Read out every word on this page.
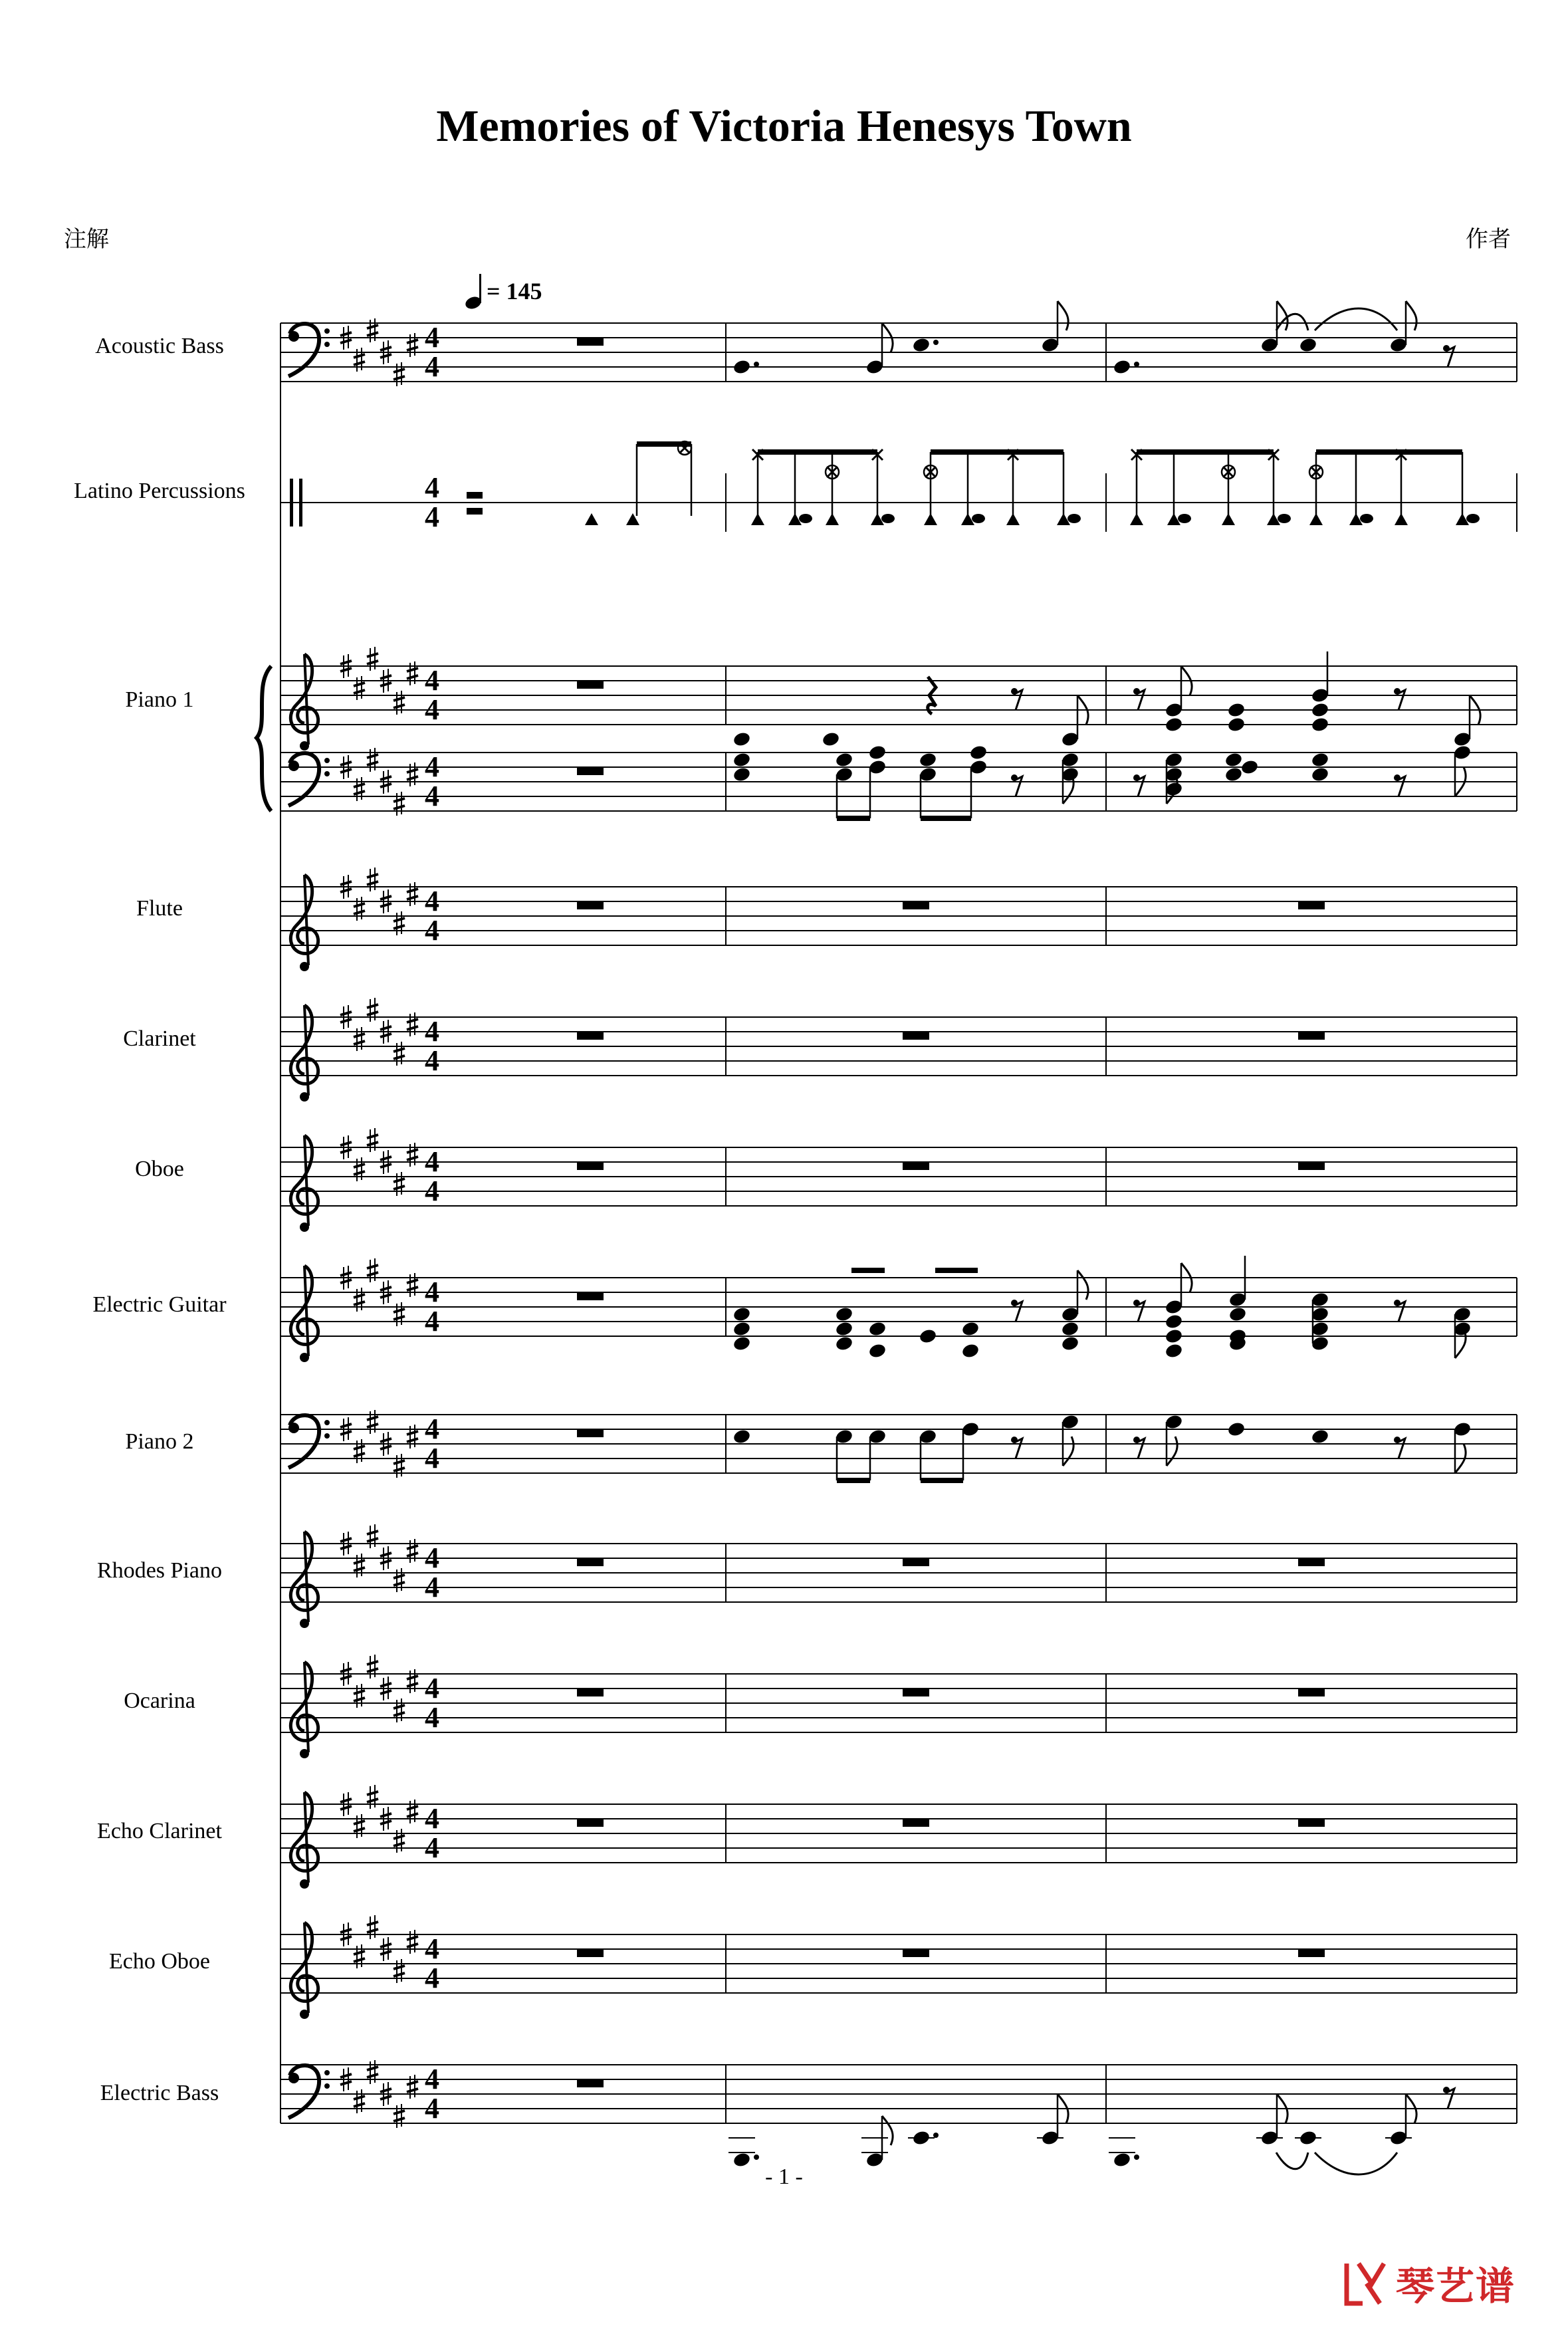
Memories of Victoria Henesys Town
注解	作者
= 145
Acoustic Bass
Latino Percussions
Piano 1
Flute
Clarinet
Oboe
Electric Guitar
Piano 2
Rhodes Piano
Ocarina
Echo Clarinet
Echo Oboe
Electric Bass
4
4
4
4
4
4
4
4
4
4
4
4
4
4
4
4
4
4
4
4
4
4
4
4
4
4
4
4
- 1 -
琴艺谱
